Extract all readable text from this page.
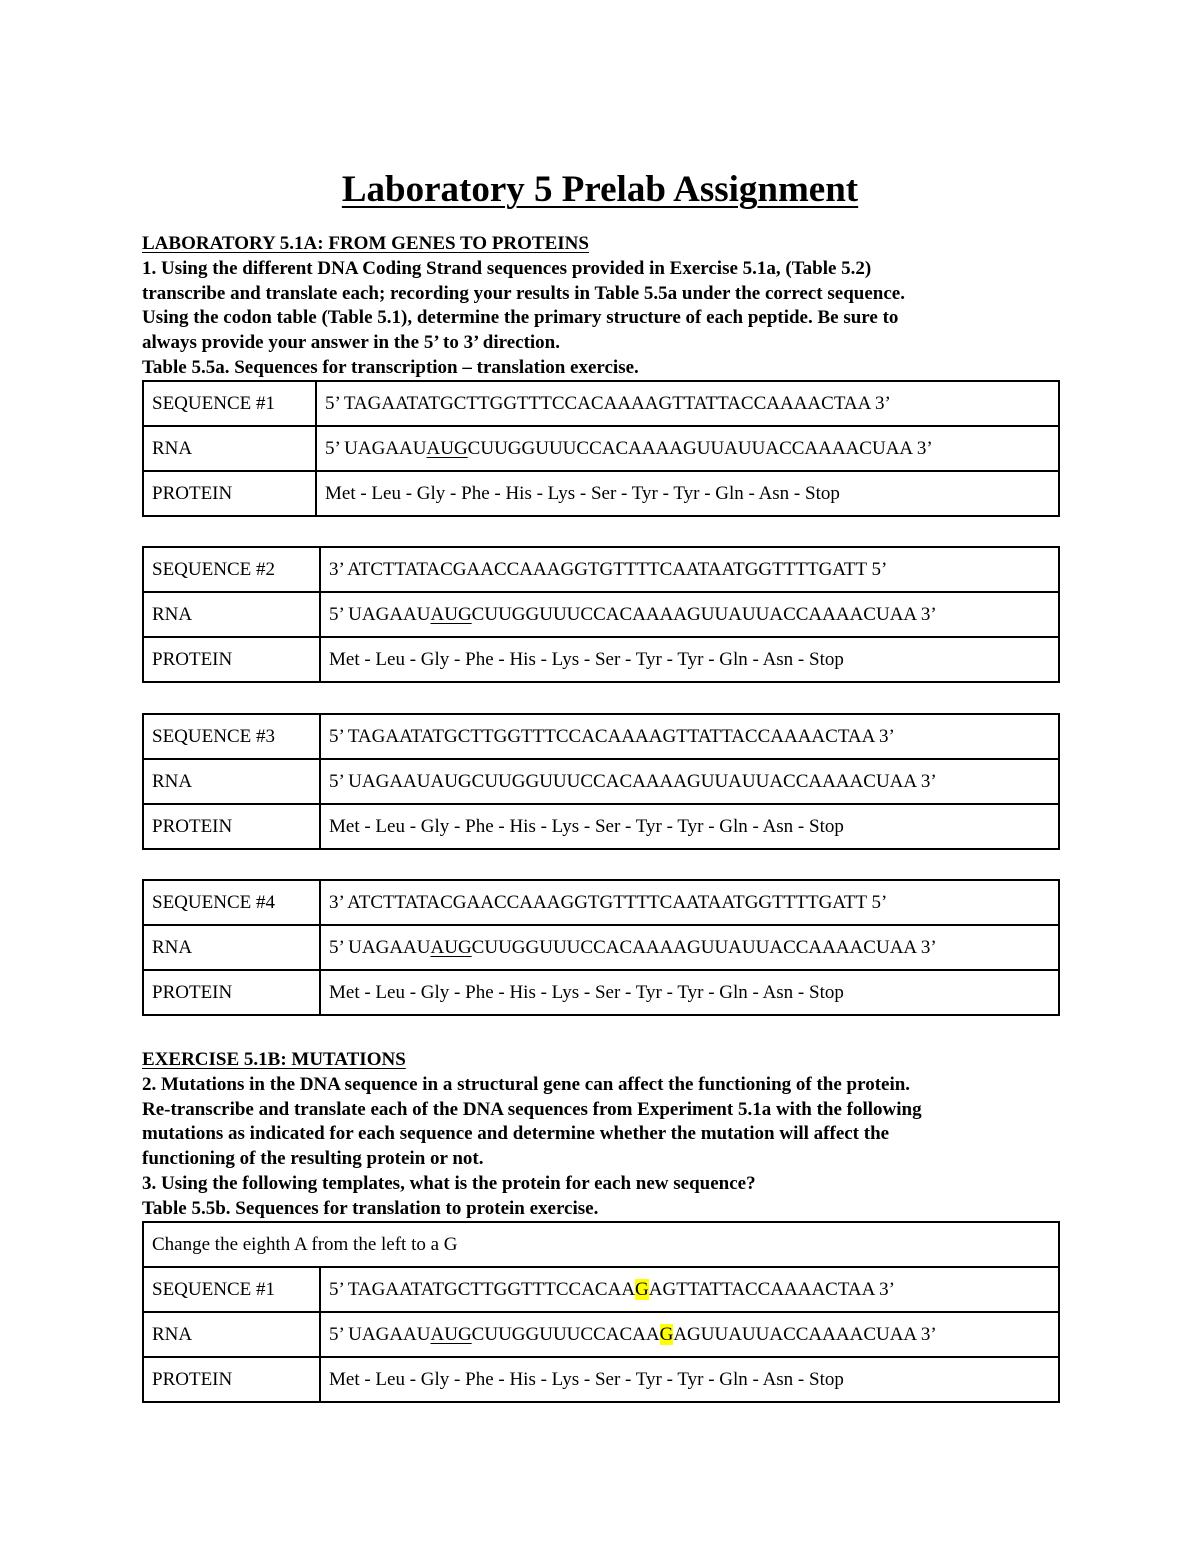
Laboratory 5 Prelab Assignment
LABORATORY 5.1A: FROM GENES TO PROTEINS
1. Using the different DNA Coding Strand sequences provided in Exercise 5.1a, (Table 5.2)
transcribe and translate each; recording your results in Table 5.5a under the correct sequence.
Using the codon table (Table 5.1), determine the primary structure of each peptide. Be sure to
always provide your answer in the 5’ to 3’ direction.
Table 5.5a. Sequences for transcription – translation exercise.
SEQUENCE #1	5’ TAGAATATGCTTGGTTTCCACAAAAGTTATTACCAAAACTAA 3’
RNA	5’ UAGAAUAUGCUUGGUUUCCACAAAAGUUAUUACCAAAACUAA 3’
PROTEIN	Met - Leu - Gly - Phe - His - Lys - Ser - Tyr - Tyr - Gln - Asn - Stop
SEQUENCE #2	3’ ATCTTATACGAACCAAAGGTGTTTTCAATAATGGTTTTGATT 5’
RNA	5’ UAGAAUAUGCUUGGUUUCCACAAAAGUUAUUACCAAAACUAA 3’
PROTEIN	Met - Leu - Gly - Phe - His - Lys - Ser - Tyr - Tyr - Gln - Asn - Stop
SEQUENCE #3	5’ TAGAATATGCTTGGTTTCCACAAAAGTTATTACCAAAACTAA 3’
RNA	5’ UAGAAUAUGCUUGGUUUCCACAAAAGUUAUUACCAAAACUAA 3’
PROTEIN	Met - Leu - Gly - Phe - His - Lys - Ser - Tyr - Tyr - Gln - Asn - Stop
SEQUENCE #4	3’ ATCTTATACGAACCAAAGGTGTTTTCAATAATGGTTTTGATT 5’
RNA	5’ UAGAAUAUGCUUGGUUUCCACAAAAGUUAUUACCAAAACUAA 3’
PROTEIN	Met - Leu - Gly - Phe - His - Lys - Ser - Tyr - Tyr - Gln - Asn - Stop
EXERCISE 5.1B: MUTATIONS
2. Mutations in the DNA sequence in a structural gene can affect the functioning of the protein.
Re-transcribe and translate each of the DNA sequences from Experiment 5.1a with the following
mutations as indicated for each sequence and determine whether the mutation will affect the
functioning of the resulting protein or not.
3. Using the following templates, what is the protein for each new sequence?
Table 5.5b. Sequences for translation to protein exercise.
Change the eighth A from the left to a G	
SEQUENCE #1	5’ TAGAATATGCTTGGTTTCCACAAGAGTTATTACCAAAACTAA 3’
RNA	5’ UAGAAUAUGCUUGGUUUCCACAAGAGUUAUUACCAAAACUAA 3’
PROTEIN	Met - Leu - Gly - Phe - His - Lys - Ser - Tyr - Tyr - Gln - Asn - Stop
